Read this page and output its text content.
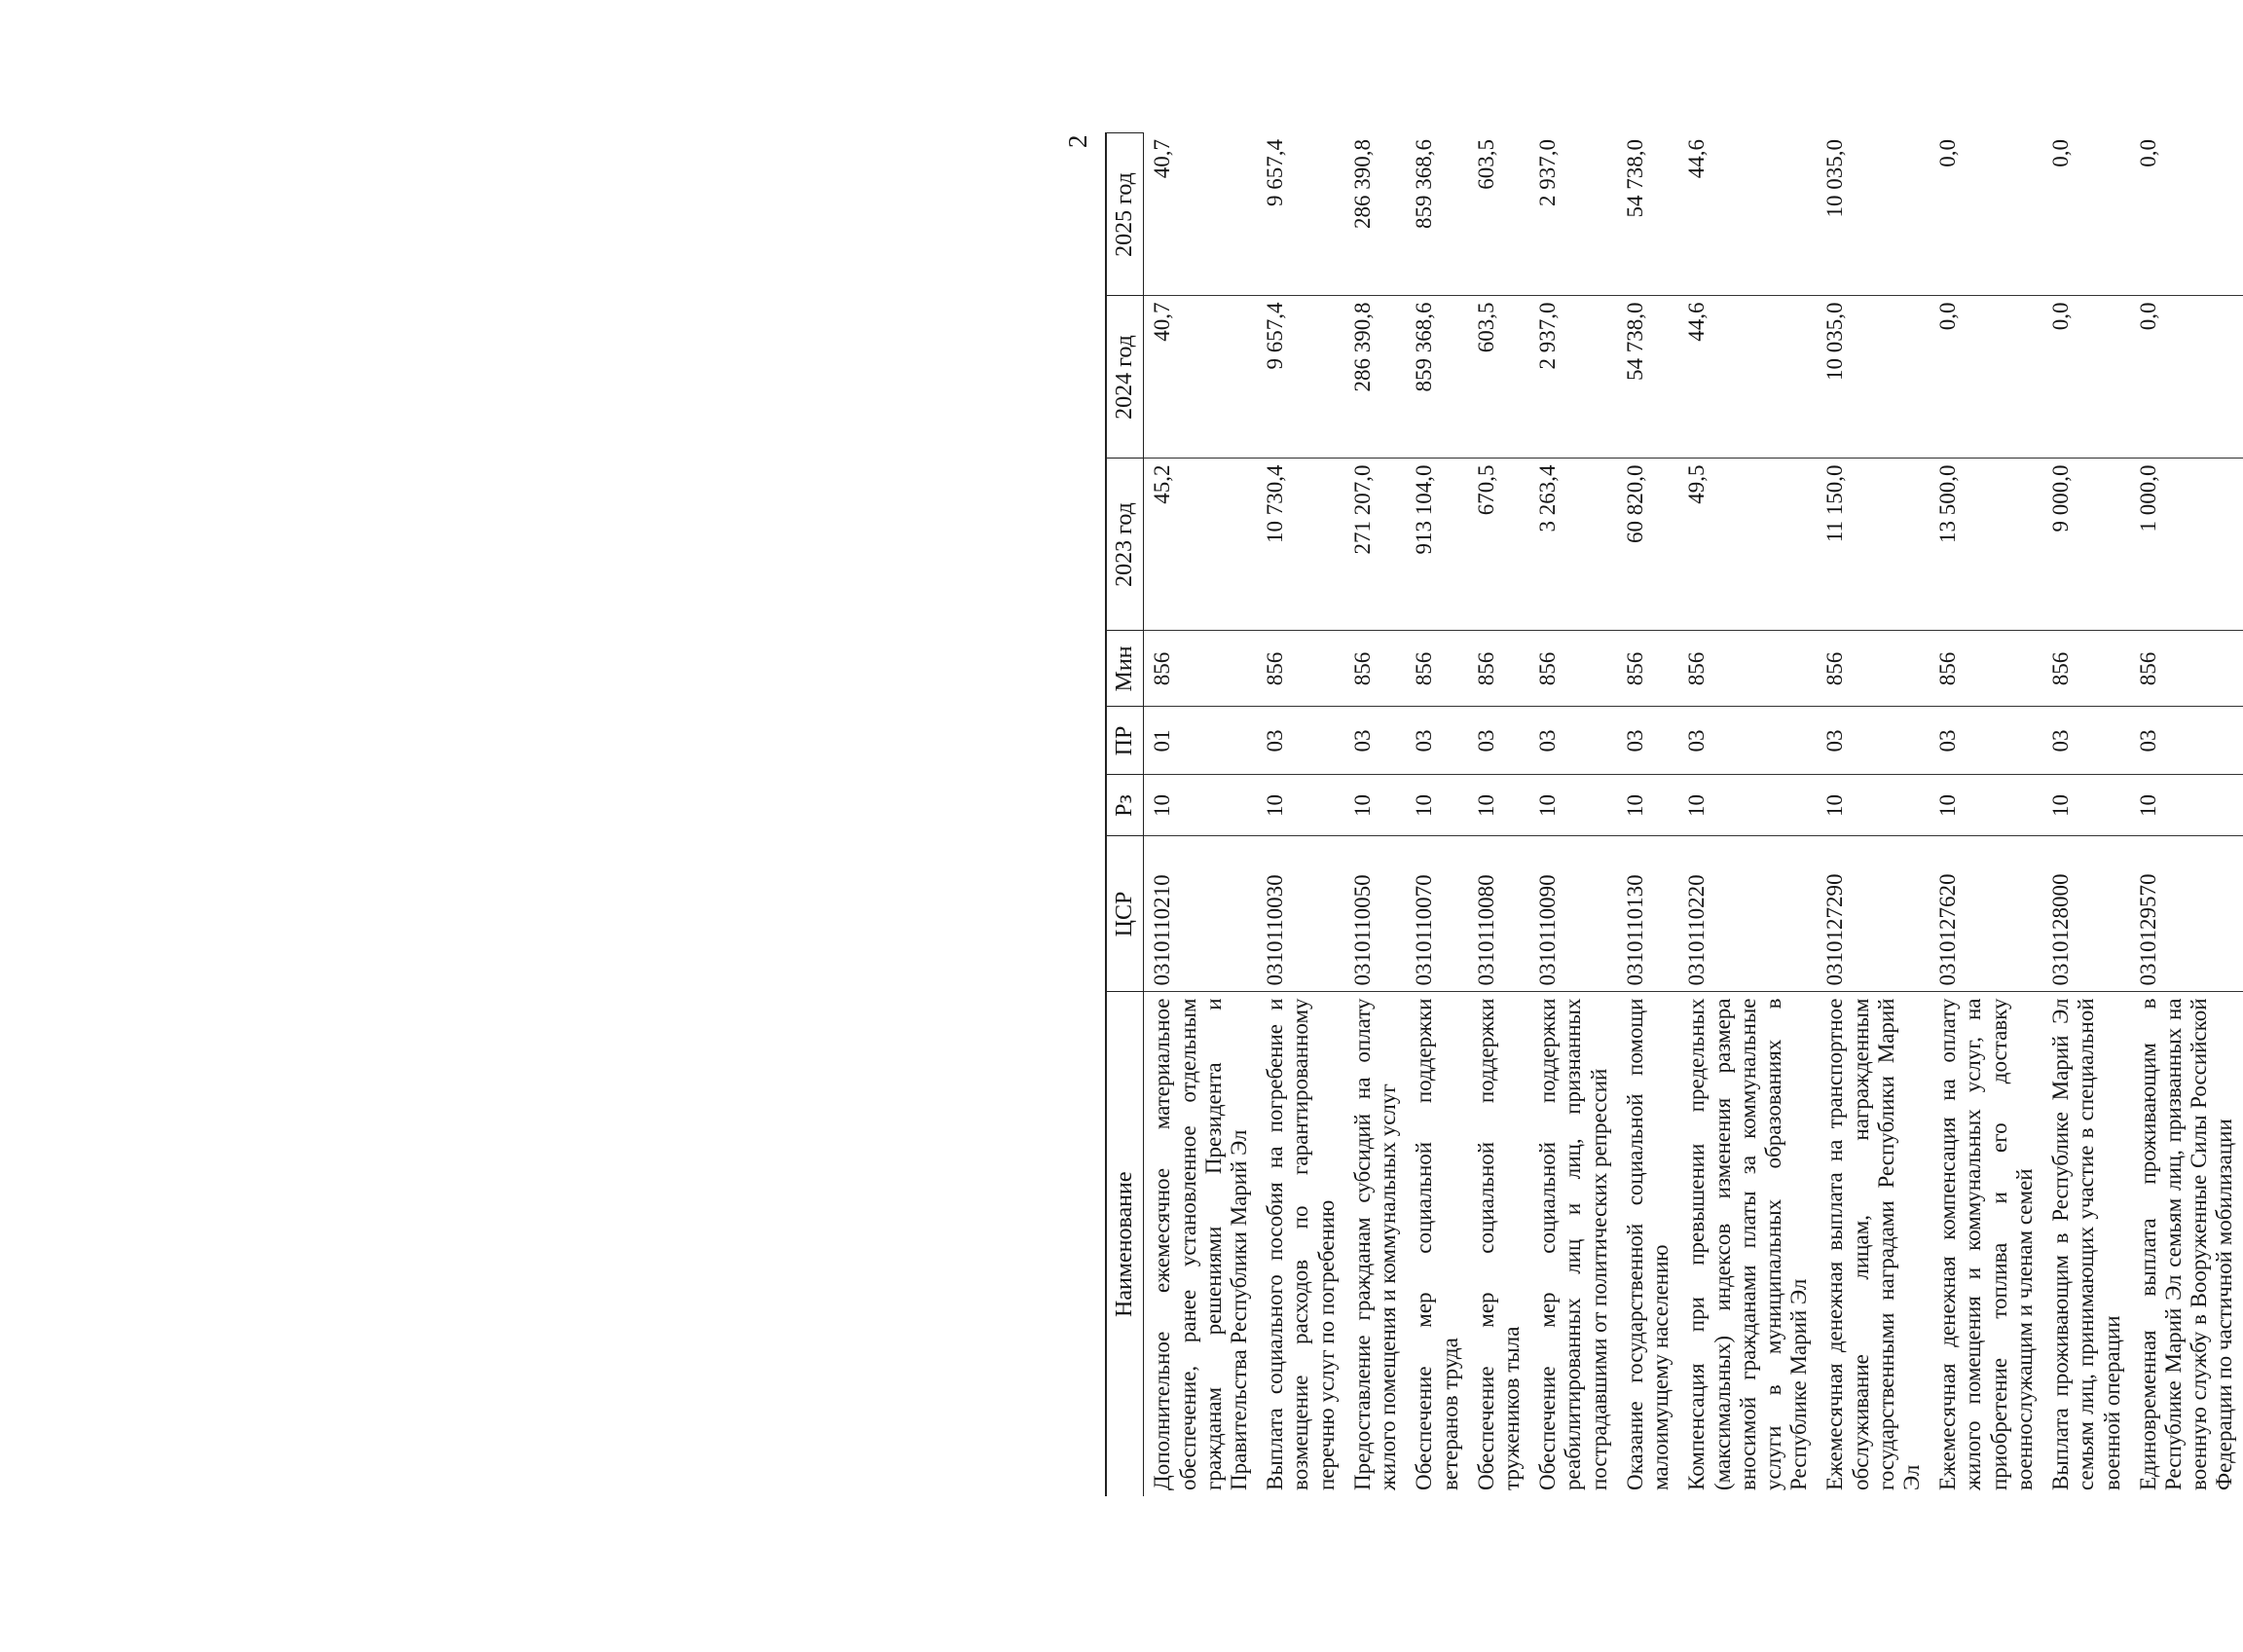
2
Наименование	ЦСР	Рз	ПР	Мин	2023 год	2024 год	2025 год
Дополнительное ежемесячное материальное обеспечение, ранее установленное отдельным гражданам решениями Президента и Правительства Республики Марий Эл	0310110210	10	01	856	45,2	40,7	40,7
Выплата социального пособия на погребение и возмещение расходов по гарантированному перечню услуг по погребению	0310110030	10	03	856	10 730,4	9 657,4	9 657,4
Предоставление гражданам субсидий на оплату жилого помещения и коммунальных услуг	0310110050	10	03	856	271 207,0	286 390,8	286 390,8
Обеспечение мер социальной поддержки ветеранов труда	0310110070	10	03	856	913 104,0	859 368,6	859 368,6
Обеспечение мер социальной поддержки тружеников тыла	0310110080	10	03	856	670,5	603,5	603,5
Обеспечение мер социальной поддержки реабилитированных лиц и лиц, признанных пострадавшими от политических репрессий	0310110090	10	03	856	3 263,4	2 937,0	2 937,0
Оказание государственной социальной помощи малоимущему населению	0310110130	10	03	856	60 820,0	54 738,0	54 738,0
Компенсация при превышении предельных (максимальных) индексов изменения размера вносимой гражданами платы за коммунальные услуги в муниципальных образованиях в Республике Марий Эл	0310110220	10	03	856	49,5	44,6	44,6
Ежемесячная денежная выплата на транспортное обслуживание лицам, награжденным государственными наградами Республики Марий Эл	0310127290	10	03	856	11 150,0	10 035,0	10 035,0
Ежемесячная денежная компенсация на оплату жилого помещения и коммунальных услуг, на приобретение топлива и его доставку военнослужащим и членам семей	0310127620	10	03	856	13 500,0	0,0	0,0
Выплата проживающим в Республике Марий Эл семьям лиц, принимающих участие в специальной военной операции	0310128000	10	03	856	9 000,0	0,0	0,0
Единовременная выплата проживающим в Республике Марий Эл семьям лиц, призванных на военную службу в Вооруженные Силы Российской Федерации по частичной мобилизации	0310129570	10	03	856	1 000,0	0,0	0,0
